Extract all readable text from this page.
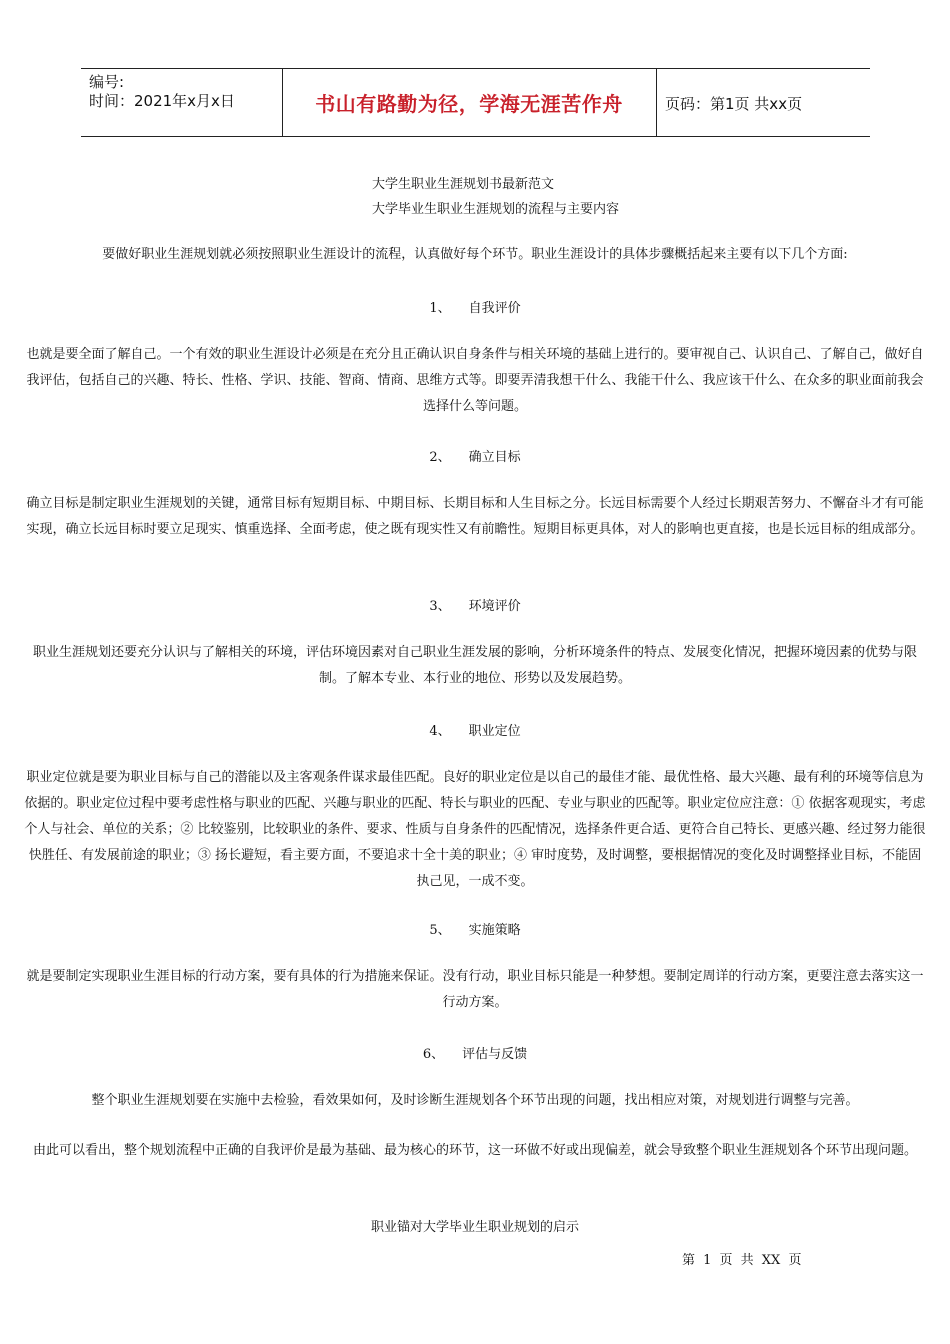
编号:
时间：2021年x月x日	书山有路勤为径，学海无涯苦作舟	页码：第1页 共xx页

大学生职业生涯规划书最新范文

大学毕业生职业生涯规划的流程与主要内容

要做好职业生涯规划就必须按照职业生涯设计的流程，认真做好每个环节。职业生涯设计的具体步骤概括起来主要有以下几个方面:

1、 自我评价

也就是要全面了解自己。一个有效的职业生涯设计必须是在充分且正确认识自身条件与相关环境的基础上进行的。要审视自己、认识自己、了解自己，做好自我评估，包括自己的兴趣、特长、性格、学识、技能、智商、情商、思维方式等。即要弄清我想干什么、我能干什么、我应该干什么、在众多的职业面前我会选择什么等问题。

2、 确立目标

确立目标是制定职业生涯规划的关键，通常目标有短期目标、中期目标、长期目标和人生目标之分。长远目标需要个人经过长期艰苦努力、不懈奋斗才有可能实现，确立长远目标时要立足现实、慎重选择、全面考虑，使之既有现实性又有前瞻性。短期目标更具体，对人的影响也更直接，也是长远目标的组成部分。

3、 环境评价

职业生涯规划还要充分认识与了解相关的环境，评估环境因素对自己职业生涯发展的影响，分析环境条件的特点、发展变化情况，把握环境因素的优势与限制。了解本专业、本行业的地位、形势以及发展趋势。

4、 职业定位

职业定位就是要为职业目标与自己的潜能以及主客观条件谋求最佳匹配。良好的职业定位是以自己的最佳才能、最优性格、最大兴趣、最有利的环境等信息为依据的。职业定位过程中要考虑性格与职业的匹配、兴趣与职业的匹配、特长与职业的匹配、专业与职业的匹配等。职业定位应注意：① 依据客观现实，考虑个人与社会、单位的关系；② 比较鉴别，比较职业的条件、要求、性质与自身条件的匹配情况，选择条件更合适、更符合自己特长、更感兴趣、经过努力能很快胜任、有发展前途的职业；③ 扬长避短，看主要方面，不要追求十全十美的职业；④ 审时度势，及时调整，要根据情况的变化及时调整择业目标，不能固执己见，一成不变。

5、 实施策略

就是要制定实现职业生涯目标的行动方案，要有具体的行为措施来保证。没有行动，职业目标只能是一种梦想。要制定周详的行动方案，更要注意去落实这一行动方案。

6、 评估与反馈

整个职业生涯规划要在实施中去检验，看效果如何，及时诊断生涯规划各个环节出现的问题，找出相应对策，对规划进行调整与完善。

由此可以看出，整个规划流程中正确的自我评价是最为基础、最为核心的环节，这一环做不好或出现偏差，就会导致整个职业生涯规划各个环节出现问题。

职业锚对大学毕业生职业规划的启示

第 1 页 共 XX 页
